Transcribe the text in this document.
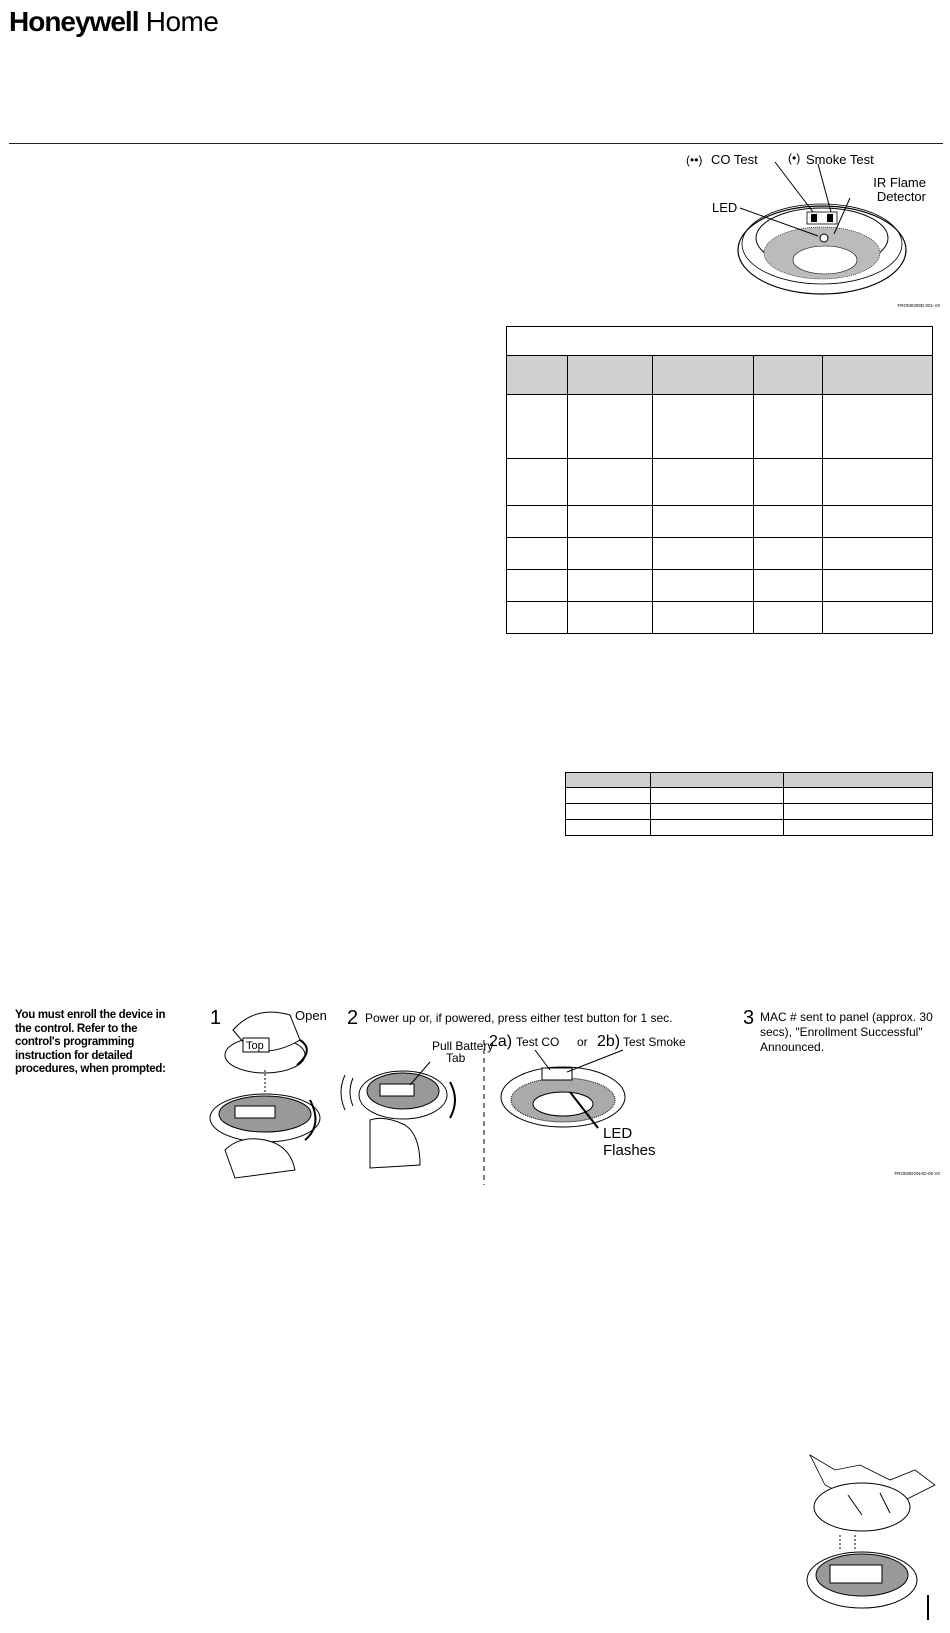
Honeywell Home
(••) CO Test	(•) Smoke Test
IR Flame
Detector
LED
FROM0308D-001-V0

You must enroll the device in the control. Refer to the control's programming instruction for detailed procedures, when prompted:
1	Open
Top
2 Power up or, if powered, press either test button for 1 sec.
Pull Battery
Tab
2a) Test CO or 2b) Test Smoke
LED
Flashes
3 MAC # sent to panel (approx. 30 secs), "Enrollment Successful" Announced.
FROM3DONAD-06-V0
